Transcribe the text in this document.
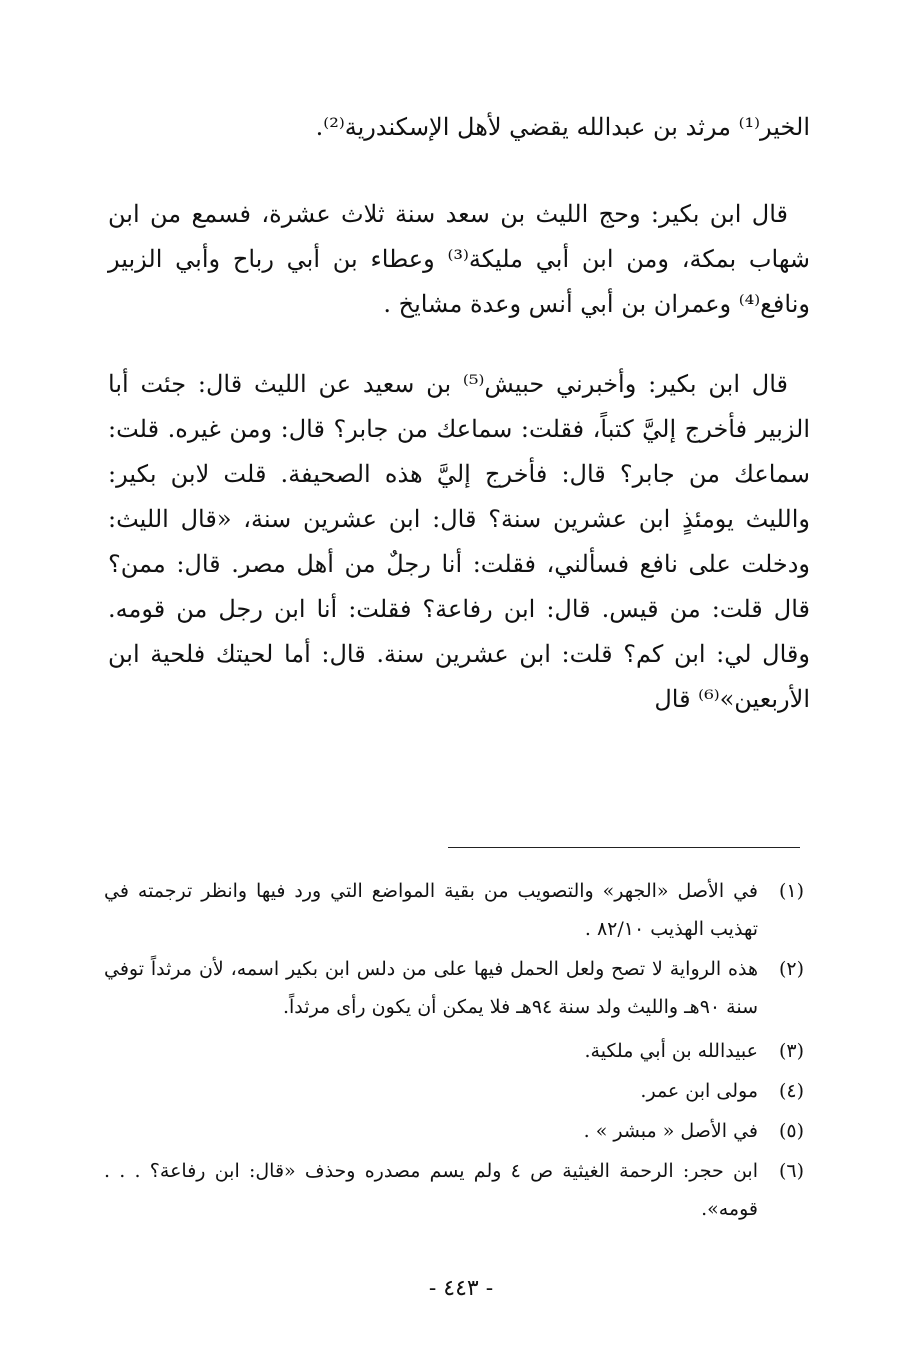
الخير⁽¹⁾ مرثد بن عبدالله يقضي لأهل الإسكندرية⁽²⁾.

قال ابن بكير: وحج الليث بن سعد سنة ثلاث عشرة، فسمع من ابن شهاب بمكة، ومن ابن أبي مليكة⁽³⁾ وعطاء بن أبي رباح وأبي الزبير ونافع⁽⁴⁾ وعمران بن أبي أنس وعدة مشايخ .

قال ابن بكير: وأخبرني حبيش⁽⁵⁾ بن سعيد عن الليث قال: جئت أبا الزبير فأخرج إليَّ كتباً، فقلت: سماعك من جابر؟ قال: ومن غيره. قلت: سماعك من جابر؟ قال: فأخرج إليَّ هذه الصحيفة. قلت لابن بكير: والليث يومئذٍ ابن عشرين سنة؟ قال: ابن عشرين سنة، «قال الليث: ودخلت على نافع فسألني، فقلت: أنا رجلٌ من أهل مصر. قال: ممن؟ قال قلت: من قيس. قال: ابن رفاعة؟ فقلت: أنا ابن رجل من قومه. وقال لي: ابن كم؟ قلت: ابن عشرين سنة. قال: أما لحيتك فلحية ابن الأربعين»⁽⁶⁾ قال

(١)
في الأصل «الجهر» والتصويب من بقية المواضع التي ورد فيها وانظر ترجمته في تهذيب الهذيب ٨٢/١٠ .
(٢)
هذه الرواية لا تصح ولعل الحمل فيها على من دلس ابن بكير اسمه، لأن مرثداً توفي سنة ٩٠هـ والليث ولد سنة ٩٤هـ فلا يمكن أن يكون رأى مرثداً.
(٣)
عبيدالله بن أبي ملكية.
(٤)
مولى ابن عمر.
(٥)
في الأصل « مبشر » .
(٦)
ابن حجر: الرحمة الغيثية ص ٤ ولم يسم مصدره وحذف «قال: ابن رفاعة؟ . . . قومه».
- ٤٤٣ -
